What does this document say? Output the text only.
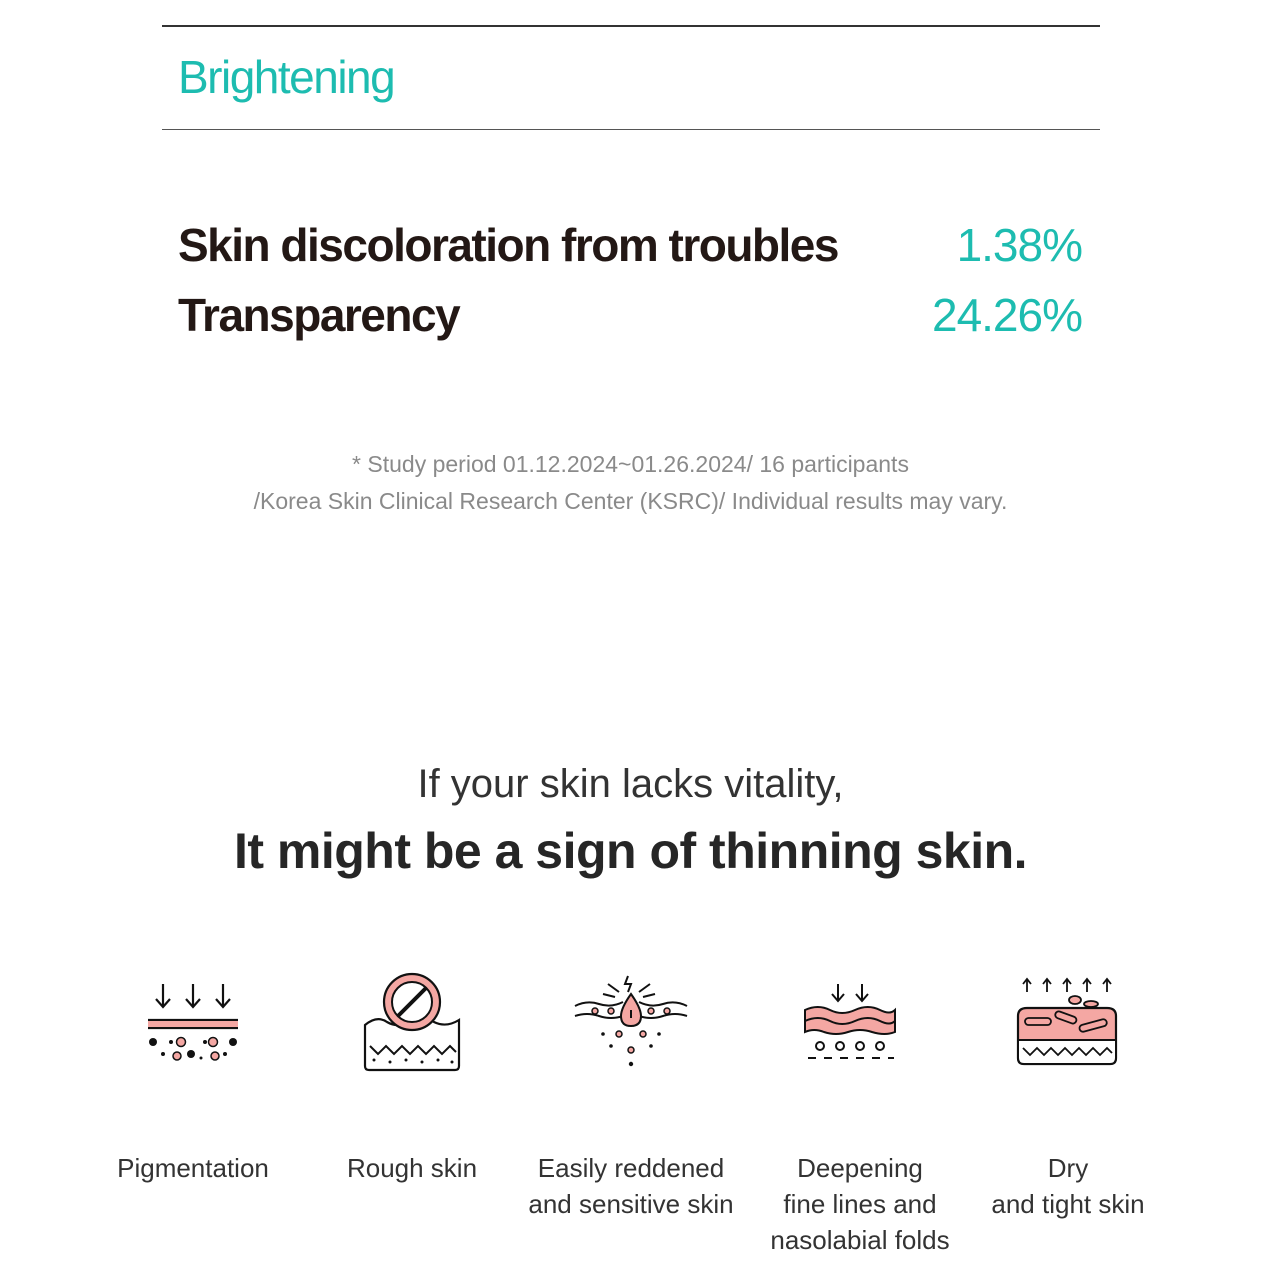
Brightening
Skin discoloration from troubles	1.38%
Transparency	24.26%
* Study period 01.12.2024~01.26.2024/ 16 participants
/Korea Skin Clinical Research Center (KSRC)/ Individual results may vary.
If your skin lacks vitality,
It might be a sign of thinning skin.
Pigmentation	Rough skin	Easily reddened
and sensitive skin
Deepening
fine lines and
nasolabial folds
Dry
and tight skin
